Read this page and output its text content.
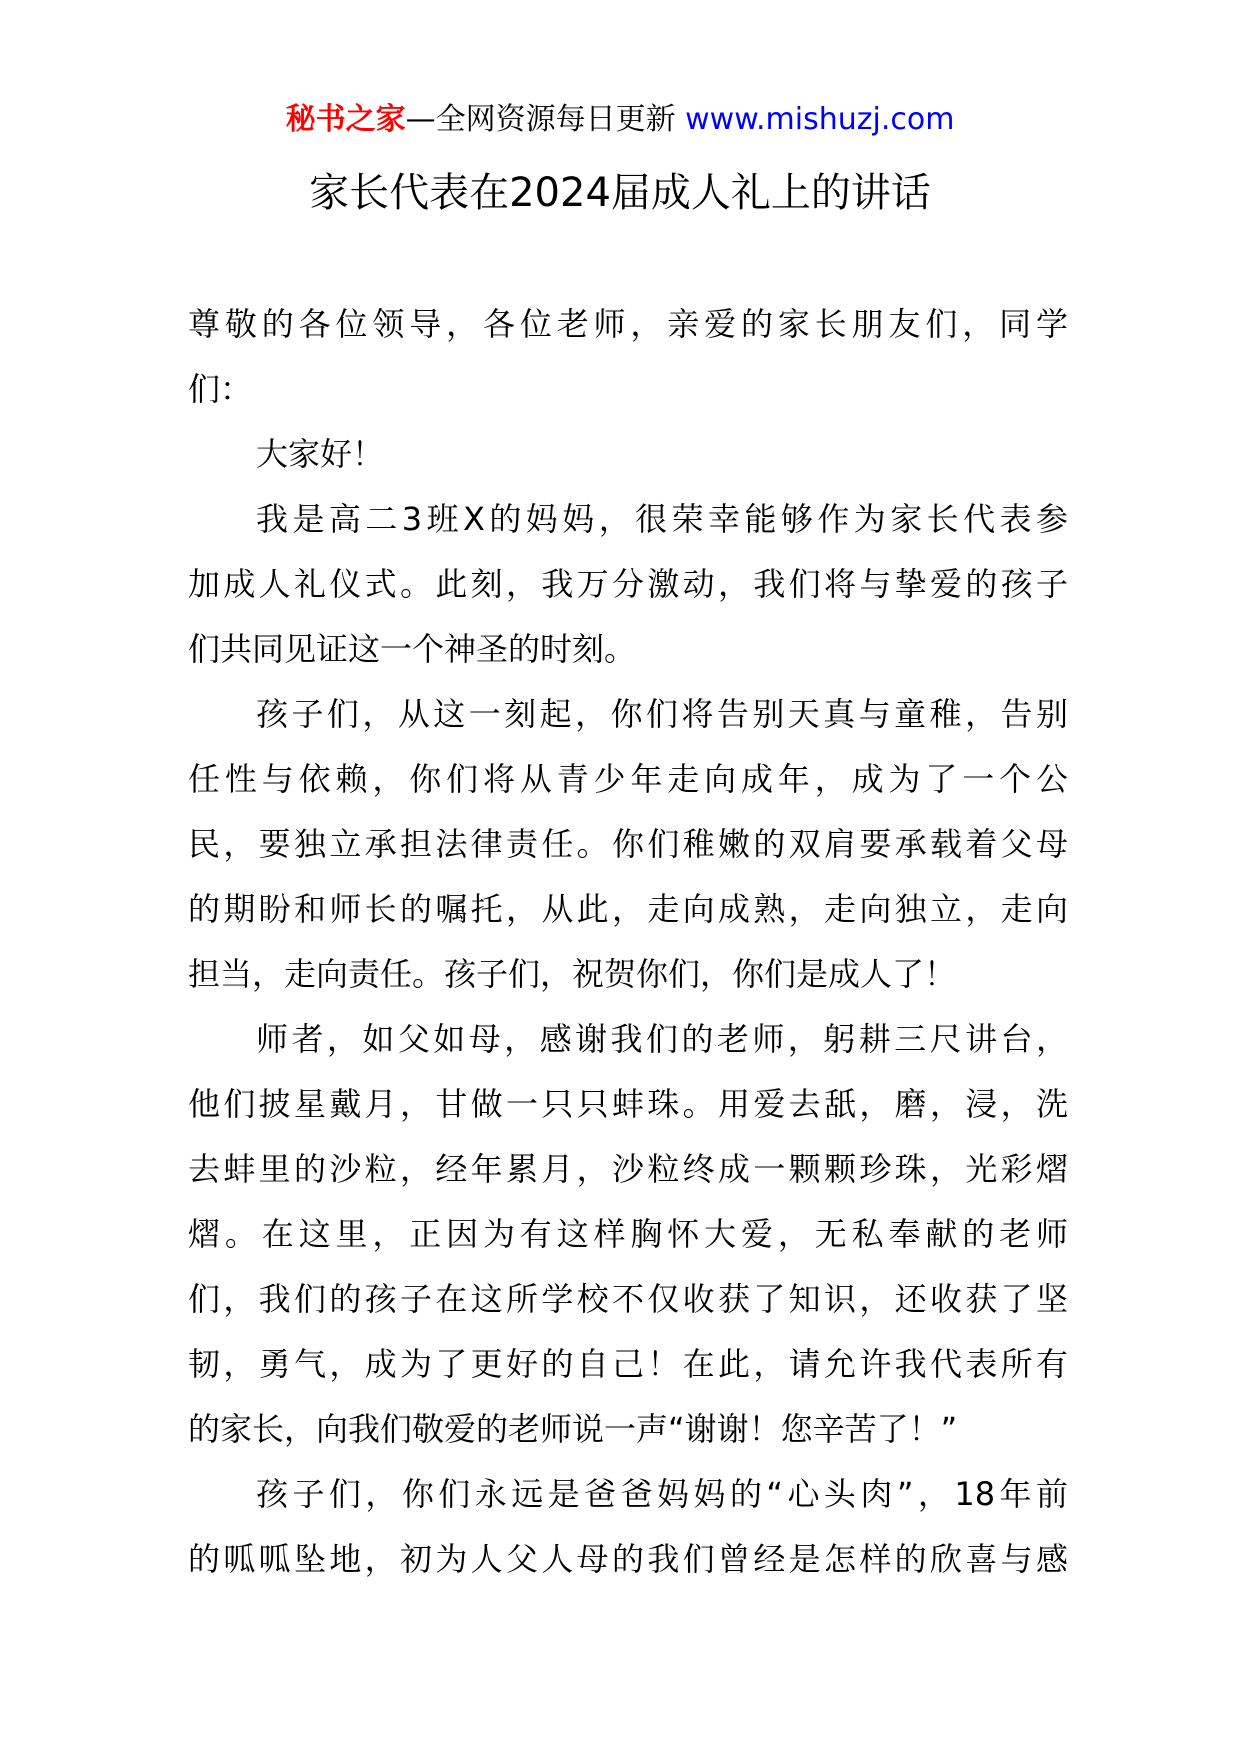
秘书之家—全网资源每日更新 www.mishuzj.com
家长代表在2024届成人礼上的讲话
尊敬的各位领导，各位老师，亲爱的家长朋友们，同学
们：
大家好！
我是高二3班X的妈妈，很荣幸能够作为家长代表参
加成人礼仪式。此刻，我万分激动，我们将与挚爱的孩子
们共同见证这一个神圣的时刻。
孩子们，从这一刻起，你们将告别天真与童稚，告别
任性与依赖，你们将从青少年走向成年，成为了一个公
民，要独立承担法律责任。你们稚嫩的双肩要承载着父母
的期盼和师长的嘱托，从此，走向成熟，走向独立，走向
担当，走向责任。孩子们，祝贺你们，你们是成人了！
师者，如父如母，感谢我们的老师，躬耕三尺讲台，
他们披星戴月，甘做一只只蚌珠。用爱去舐，磨，浸，洗
去蚌里的沙粒，经年累月，沙粒终成一颗颗珍珠，光彩熠
熠。在这里，正因为有这样胸怀大爱，无私奉献的老师
们，我们的孩子在这所学校不仅收获了知识，还收获了坚
韧，勇气，成为了更好的自己！在此，请允许我代表所有
的家长，向我们敬爱的老师说一声“谢谢！您辛苦了！”
孩子们，你们永远是爸爸妈妈的“心头肉”，18年前
的呱呱坠地，初为人父人母的我们曾经是怎样的欣喜与感
